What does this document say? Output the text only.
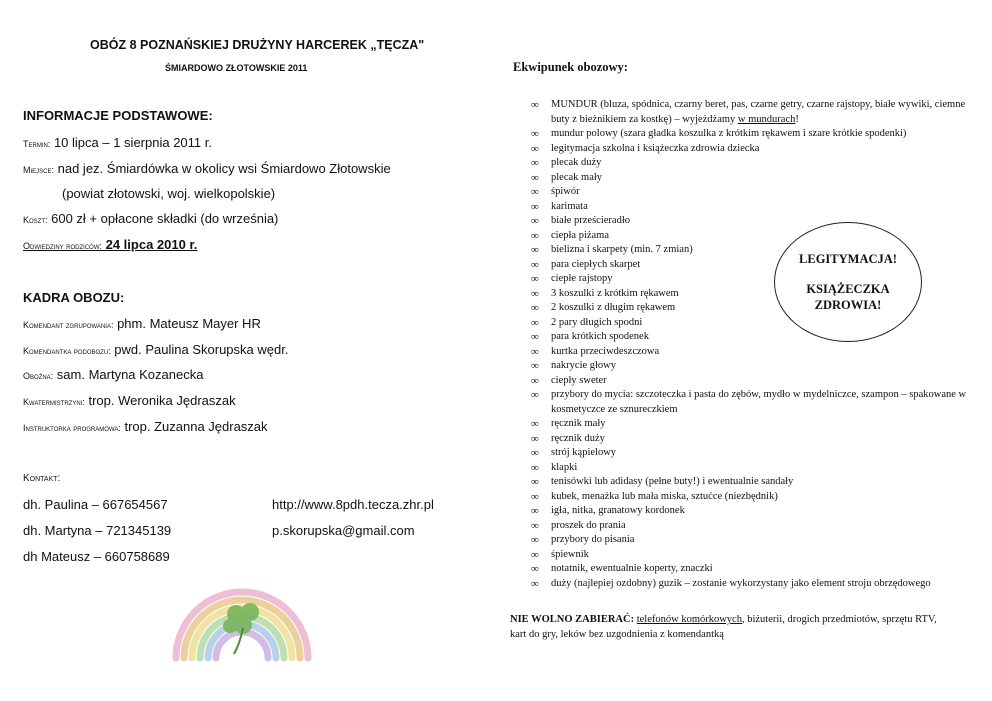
OBÓZ 8 POZNAŃSKIEJ DRUŻYNY HARCEREK „TĘCZA"
ŚMIARDOWO ZŁOTOWSKIE 2011
INFORMACJE PODSTAWOWE:
Termin: 10 lipca – 1 sierpnia 2011 r.
Miejsce: nad jez. Śmiardówka w okolicy wsi Śmiardowo Złotowskie
(powiat złotowski, woj. wielkopolskie)
Koszt: 600 zł + opłacone składki (do września)
Odwiedziny rodziców: 24 lipca 2010 r.
KADRA OBOZU:
Komendant zgrupowania: phm. Mateusz Mayer HR
Komendantka podobozu: pwd. Paulina Skorupska wędr.
Oboźna: sam. Martyna Kozanecka
Kwatermistrzyni: trop. Weronika Jędraszak
Instruktorka programowa: trop. Zuzanna Jędraszak
Kontakt:
dh. Paulina – 667654567	http://www.8pdh.tecza.zhr.pl
dh. Martyna – 721345139	p.skorupska@gmail.com
dh Mateusz – 660758689
Ekwipunek obozowy:
∞	MUNDUR (bluza, spódnica, czarny beret, pas, czarne getry, czarne rajstopy, białe wywiki, ciemne buty z bieżnikiem za kostkę) – wyjeżdżamy w mundurach!
∞	mundur polowy (szara gładka koszulka z krótkim rękawem i szare krótkie spodenki)
∞	legitymacja szkolna i książeczka zdrowia dziecka
∞	plecak duży
∞	plecak mały
∞	śpiwór
∞	karimata
∞	białe prześcieradło
∞	ciepła piżama
∞	bielizna i skarpety (min. 7 zmian)
∞	para ciepłych skarpet
∞	ciepłe rajstopy
∞	3 koszulki z krótkim rękawem
∞	2 koszulki z długim rękawem
∞	2 pary długich spodni
∞	para krótkich spodenek
∞	kurtka przeciwdeszczowa
∞	nakrycie głowy
∞	ciepły sweter
∞	przybory do mycia: szczoteczka i pasta do zębów, mydło w mydelniczce, szampon – spakowane w kosmetyczce ze sznureczkiem
∞	ręcznik mały
∞	ręcznik duży
∞	strój kąpielowy
∞	klapki
∞	tenisówki lub adidasy (pełne buty!) i ewentualnie sandały
∞	kubek, menażka lub mała miska, sztućce (niezbędnik)
∞	igła, nitka, granatowy kordonek
∞	proszek do prania
∞	przybory do pisania
∞	śpiewnik
∞	notatnik, ewentualnie koperty, znaczki
∞	duży (najlepiej ozdobny) guzik – zostanie wykorzystany jako element stroju obrzędowego
LEGITYMACJA!
KSIĄŻECZKA
ZDROWIA!
NIE WOLNO ZABIERAĆ: telefonów komórkowych, biżuterii, drogich przedmiotów, sprzętu RTV, kart do gry, leków bez uzgodnienia z komendantką
